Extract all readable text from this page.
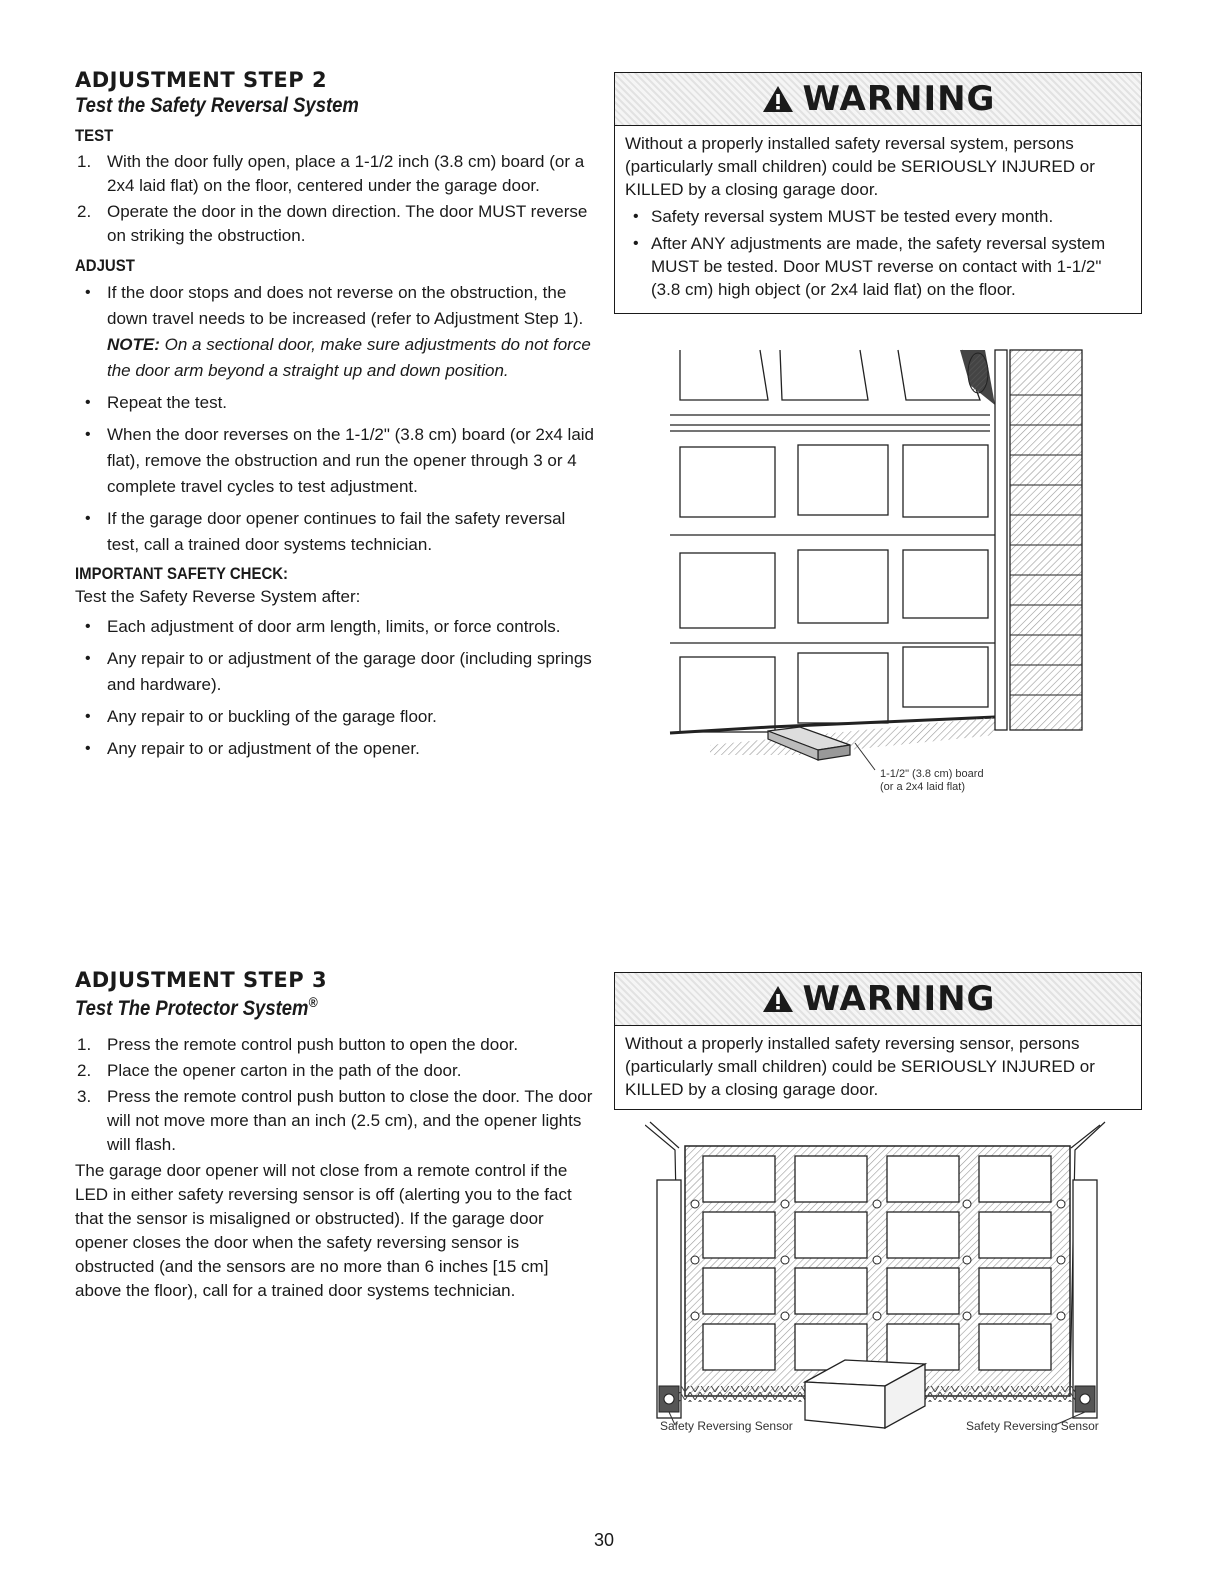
ADJUSTMENT STEP 2
Test the Safety Reversal System
TEST
1. With the door fully open, place a 1-1/2 inch (3.8 cm) board (or a 2x4 laid flat) on the floor, centered under the garage door.
2. Operate the door in the down direction. The door MUST reverse on striking the obstruction.
ADJUST
• If the door stops and does not reverse on the obstruction, the down travel needs to be increased (refer to Adjustment Step 1). NOTE: On a sectional door, make sure adjustments do not force the door arm beyond a straight up and down position.
• Repeat the test.
• When the door reverses on the 1-1/2" (3.8 cm) board (or 2x4 laid flat), remove the obstruction and run the opener through 3 or 4 complete travel cycles to test adjustment.
• If the garage door opener continues to fail the safety reversal test, call a trained door systems technician.
IMPORTANT SAFETY CHECK:
Test the Safety Reverse System after:
• Each adjustment of door arm length, limits, or force controls.
• Any repair to or adjustment of the garage door (including springs and hardware).
• Any repair to or buckling of the garage floor.
• Any repair to or adjustment of the opener.
WARNING
Without a properly installed safety reversal system, persons (particularly small children) could be SERIOUSLY INJURED or KILLED by a closing garage door.
• Safety reversal system MUST be tested every month.
• After ANY adjustments are made, the safety reversal system MUST be tested. Door MUST reverse on contact with 1-1/2" (3.8 cm) high object (or 2x4 laid flat) on the floor.
1-1/2" (3.8 cm) board
(or a 2x4 laid flat)
ADJUSTMENT STEP 3
Test The Protector System®
1. Press the remote control push button to open the door.
2. Place the opener carton in the path of the door.
3. Press the remote control push button to close the door. The door will not move more than an inch (2.5 cm), and the opener lights will flash.
The garage door opener will not close from a remote control if the LED in either safety reversing sensor is off (alerting you to the fact that the sensor is misaligned or obstructed). If the garage door opener closes the door when the safety reversing sensor is obstructed (and the sensors are no more than 6 inches [15 cm] above the floor), call for a trained door systems technician.
WARNING
Without a properly installed safety reversing sensor, persons (particularly small children) could be SERIOUSLY INJURED or KILLED by a closing garage door.
Safety Reversing Sensor	Safety Reversing Sensor
30
